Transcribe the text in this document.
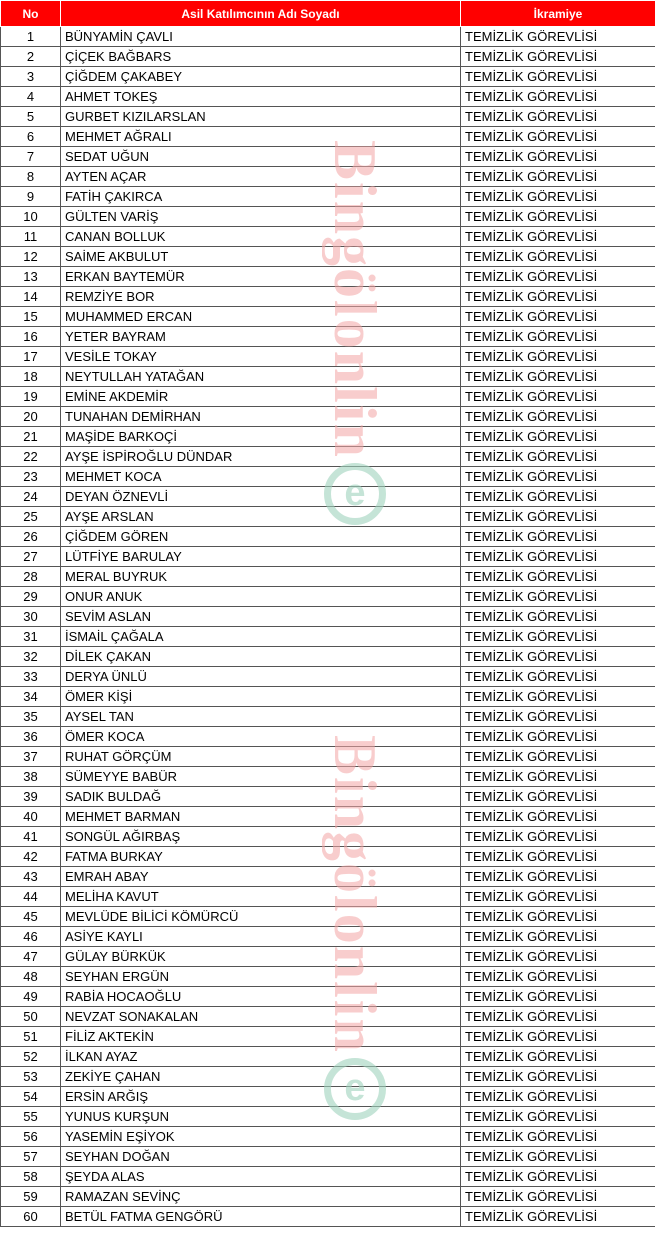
No	Asil Katılımcının Adı Soyadı	İkramiye
1	BÜNYAMİN ÇAVLI	TEMİZLİK GÖREVLİSİ
2	ÇİÇEK BAĞBARS	TEMİZLİK GÖREVLİSİ
3	ÇİĞDEM ÇAKABEY	TEMİZLİK GÖREVLİSİ
4	AHMET TOKEŞ	TEMİZLİK GÖREVLİSİ
5	GURBET KIZILARSLAN	TEMİZLİK GÖREVLİSİ
6	MEHMET AĞRALI	TEMİZLİK GÖREVLİSİ
7	SEDAT UĞUN	TEMİZLİK GÖREVLİSİ
8	AYTEN AÇAR	TEMİZLİK GÖREVLİSİ
9	FATİH ÇAKIRCA	TEMİZLİK GÖREVLİSİ
10	GÜLTEN VARİŞ	TEMİZLİK GÖREVLİSİ
11	CANAN BOLLUK	TEMİZLİK GÖREVLİSİ
12	SAİME AKBULUT	TEMİZLİK GÖREVLİSİ
13	ERKAN BAYTEMÜR	TEMİZLİK GÖREVLİSİ
14	REMZİYE BOR	TEMİZLİK GÖREVLİSİ
15	MUHAMMED ERCAN	TEMİZLİK GÖREVLİSİ
16	YETER BAYRAM	TEMİZLİK GÖREVLİSİ
17	VESİLE TOKAY	TEMİZLİK GÖREVLİSİ
18	NEYTULLAH YATAĞAN	TEMİZLİK GÖREVLİSİ
19	EMİNE AKDEMİR	TEMİZLİK GÖREVLİSİ
20	TUNAHAN DEMİRHAN	TEMİZLİK GÖREVLİSİ
21	MAŞİDE BARKOÇİ	TEMİZLİK GÖREVLİSİ
22	AYŞE İSPİROĞLU DÜNDAR	TEMİZLİK GÖREVLİSİ
23	MEHMET KOCA	TEMİZLİK GÖREVLİSİ
24	DEYAN ÖZNEVLİ	TEMİZLİK GÖREVLİSİ
25	AYŞE ARSLAN	TEMİZLİK GÖREVLİSİ
26	ÇİĞDEM GÖREN	TEMİZLİK GÖREVLİSİ
27	LÜTFİYE BARULAY	TEMİZLİK GÖREVLİSİ
28	MERAL BUYRUK	TEMİZLİK GÖREVLİSİ
29	ONUR ANUK	TEMİZLİK GÖREVLİSİ
30	SEVİM ASLAN	TEMİZLİK GÖREVLİSİ
31	İSMAİL ÇAĞALA	TEMİZLİK GÖREVLİSİ
32	DİLEK ÇAKAN	TEMİZLİK GÖREVLİSİ
33	DERYA ÜNLÜ	TEMİZLİK GÖREVLİSİ
34	ÖMER KİŞİ	TEMİZLİK GÖREVLİSİ
35	AYSEL TAN	TEMİZLİK GÖREVLİSİ
36	ÖMER KOCA	TEMİZLİK GÖREVLİSİ
37	RUHAT GÖRÇÜM	TEMİZLİK GÖREVLİSİ
38	SÜMEYYE BABÜR	TEMİZLİK GÖREVLİSİ
39	SADIK BULDAĞ	TEMİZLİK GÖREVLİSİ
40	MEHMET BARMAN	TEMİZLİK GÖREVLİSİ
41	SONGÜL AĞIRBAŞ	TEMİZLİK GÖREVLİSİ
42	FATMA BURKAY	TEMİZLİK GÖREVLİSİ
43	EMRAH ABAY	TEMİZLİK GÖREVLİSİ
44	MELİHA KAVUT	TEMİZLİK GÖREVLİSİ
45	MEVLÜDE BİLİCİ KÖMÜRCÜ	TEMİZLİK GÖREVLİSİ
46	ASİYE KAYLI	TEMİZLİK GÖREVLİSİ
47	GÜLAY BÜRKÜK	TEMİZLİK GÖREVLİSİ
48	SEYHAN ERGÜN	TEMİZLİK GÖREVLİSİ
49	RABİA HOCAOĞLU	TEMİZLİK GÖREVLİSİ
50	NEVZAT SONAKALAN	TEMİZLİK GÖREVLİSİ
51	FİLİZ AKTEKİN	TEMİZLİK GÖREVLİSİ
52	İLKAN AYAZ	TEMİZLİK GÖREVLİSİ
53	ZEKİYE ÇAHAN	TEMİZLİK GÖREVLİSİ
54	ERSİN ARĞIŞ	TEMİZLİK GÖREVLİSİ
55	YUNUS KURŞUN	TEMİZLİK GÖREVLİSİ
56	YASEMİN EŞİYOK	TEMİZLİK GÖREVLİSİ
57	SEYHAN DOĞAN	TEMİZLİK GÖREVLİSİ
58	ŞEYDA ALAS	TEMİZLİK GÖREVLİSİ
59	RAMAZAN SEVİNÇ	TEMİZLİK GÖREVLİSİ
60	BETÜL FATMA GENGÖRÜ	TEMİZLİK GÖREVLİSİ
Bingölonlin
e
Bingölonlin
e
